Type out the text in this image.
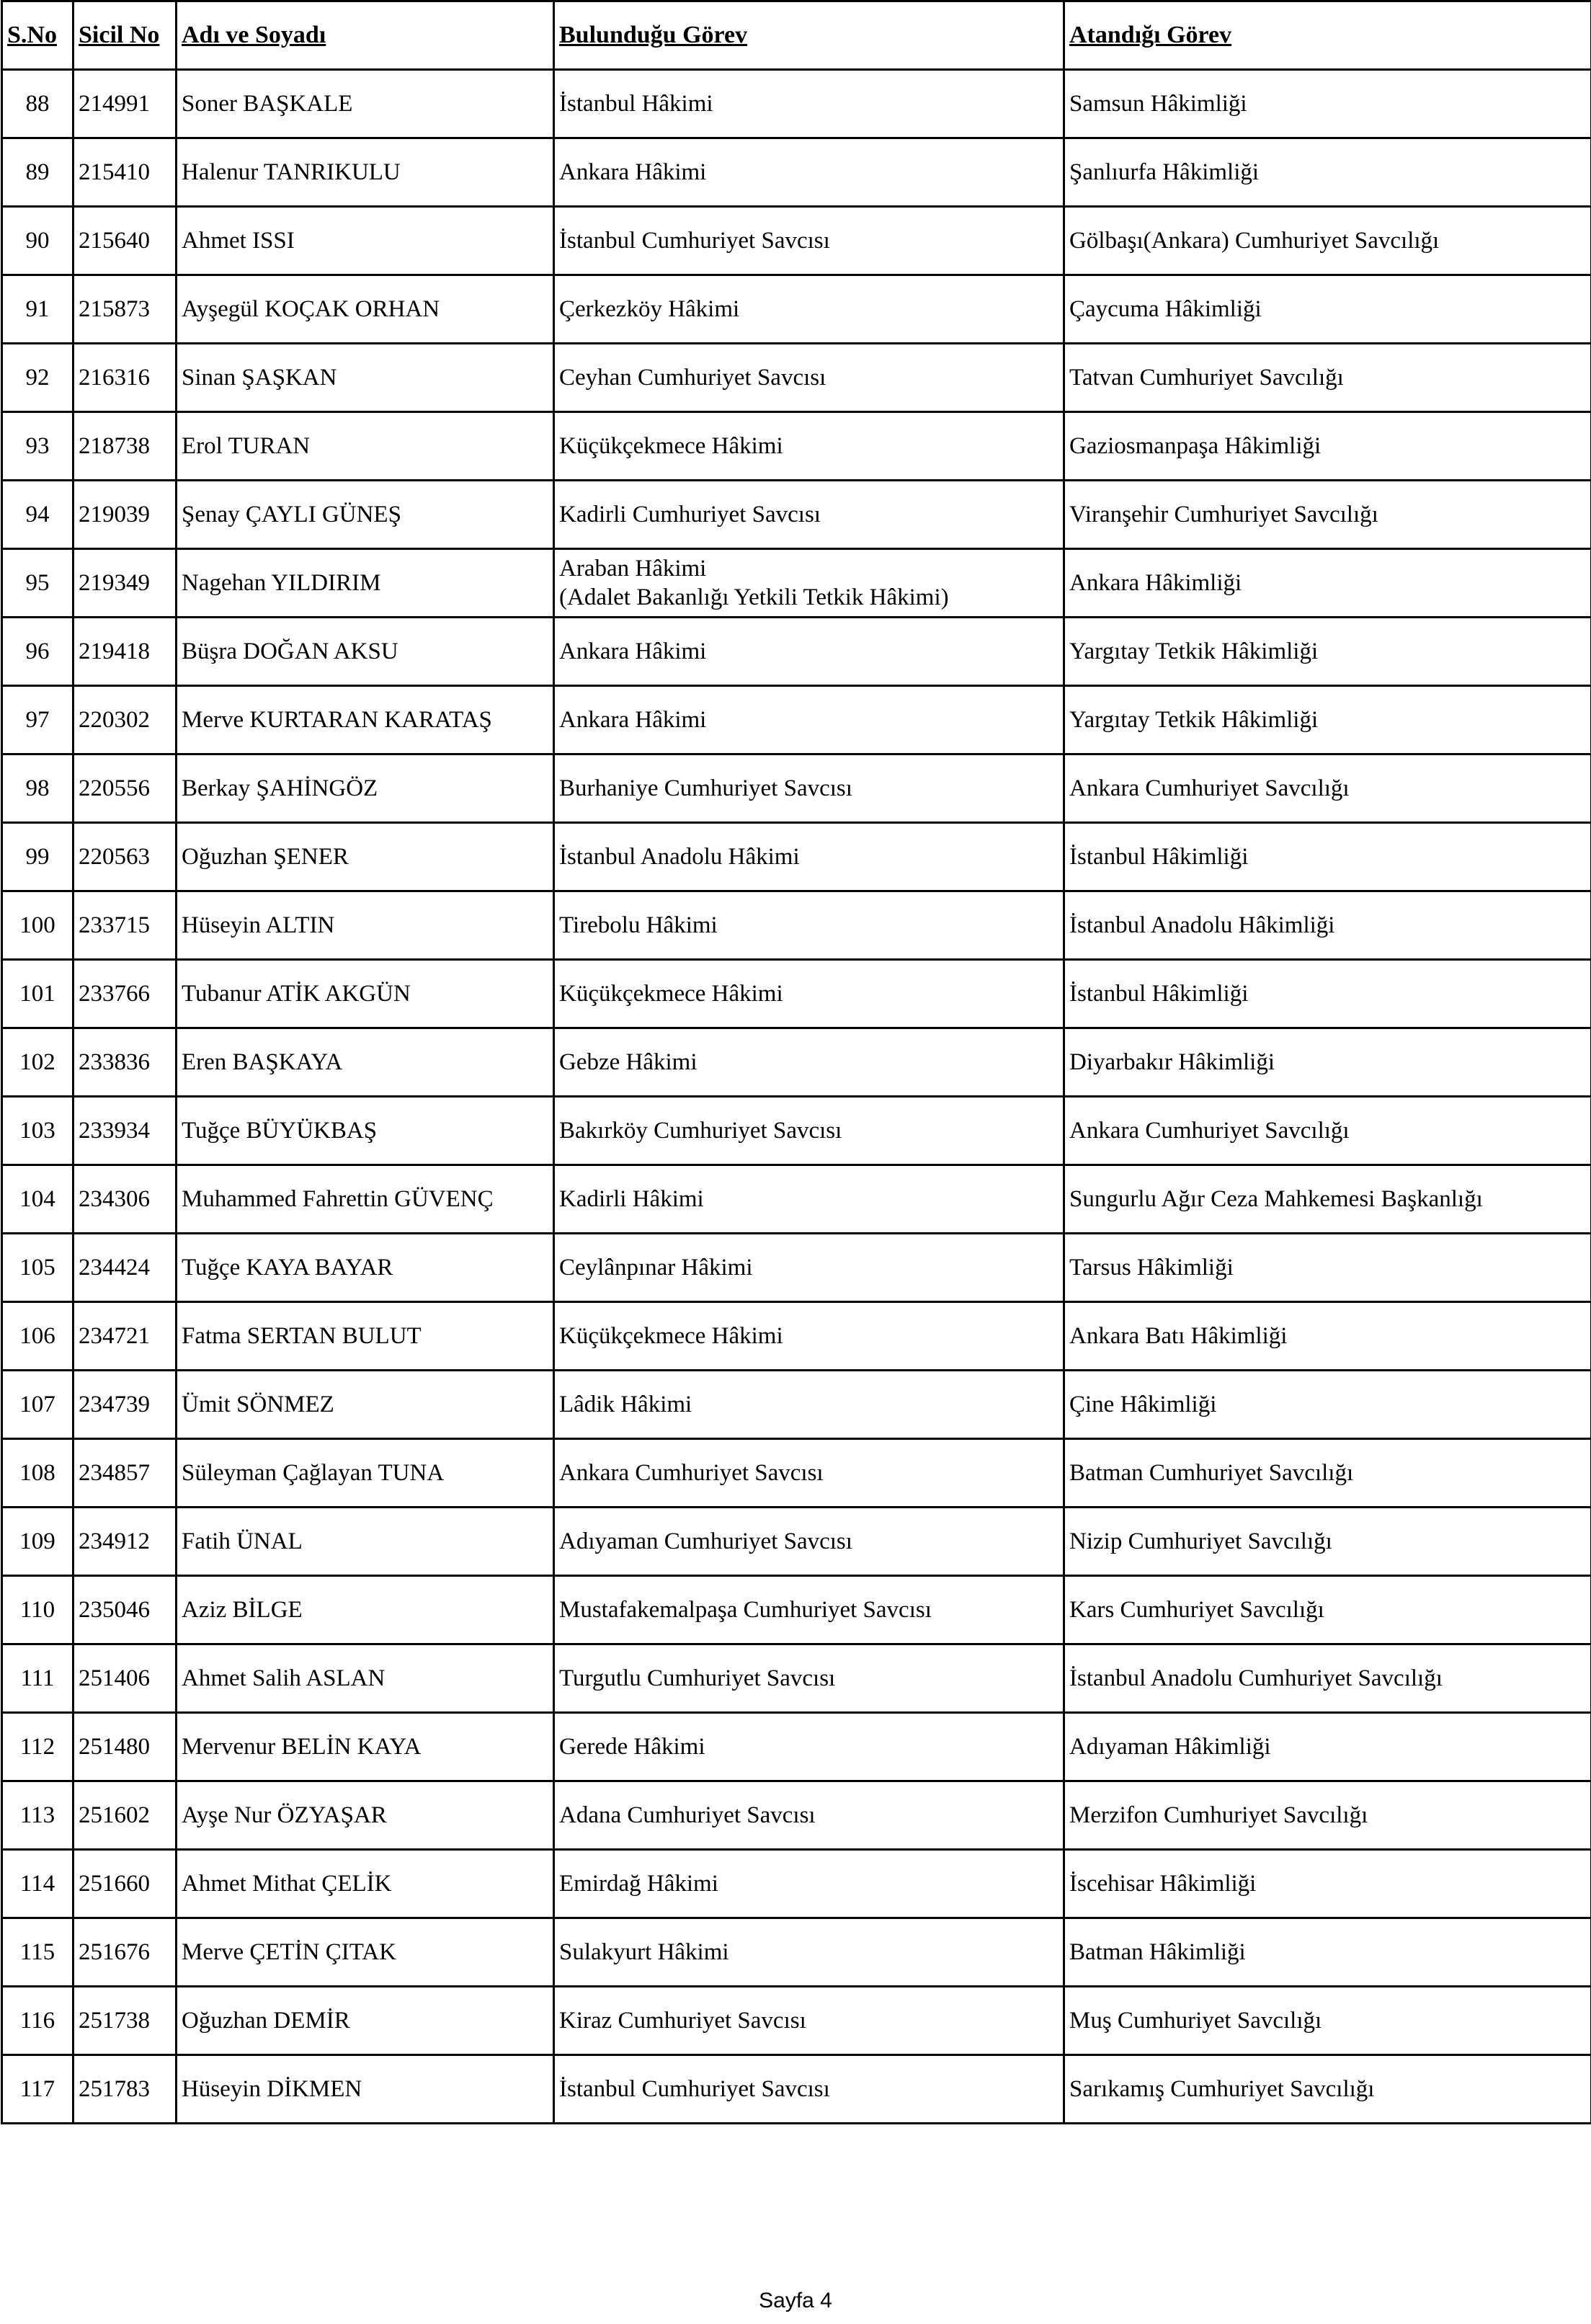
S.No	Sicil No	Adı ve Soyadı	Bulunduğu Görev	Atandığı Görev
88	214991	Soner BAŞKALE	İstanbul Hâkimi	Samsun Hâkimliği
89	215410	Halenur TANRIKULU	Ankara Hâkimi	Şanlıurfa Hâkimliği
90	215640	Ahmet ISSI	İstanbul Cumhuriyet Savcısı	Gölbaşı(Ankara) Cumhuriyet Savcılığı
91	215873	Ayşegül KOÇAK ORHAN	Çerkezköy Hâkimi	Çaycuma Hâkimliği
92	216316	Sinan ŞAŞKAN	Ceyhan Cumhuriyet Savcısı	Tatvan Cumhuriyet Savcılığı
93	218738	Erol TURAN	Küçükçekmece Hâkimi	Gaziosmanpaşa Hâkimliği
94	219039	Şenay ÇAYLI GÜNEŞ	Kadirli Cumhuriyet Savcısı	Viranşehir Cumhuriyet Savcılığı
95	219349	Nagehan YILDIRIM	Araban Hâkimi
(Adalet Bakanlığı Yetkili Tetkik Hâkimi)	Ankara Hâkimliği
96	219418	Büşra DOĞAN AKSU	Ankara Hâkimi	Yargıtay Tetkik Hâkimliği
97	220302	Merve KURTARAN KARATAŞ	Ankara Hâkimi	Yargıtay Tetkik Hâkimliği
98	220556	Berkay ŞAHİNGÖZ	Burhaniye Cumhuriyet Savcısı	Ankara Cumhuriyet Savcılığı
99	220563	Oğuzhan ŞENER	İstanbul Anadolu Hâkimi	İstanbul Hâkimliği
100	233715	Hüseyin ALTIN	Tirebolu Hâkimi	İstanbul Anadolu Hâkimliği
101	233766	Tubanur ATİK AKGÜN	Küçükçekmece Hâkimi	İstanbul Hâkimliği
102	233836	Eren BAŞKAYA	Gebze Hâkimi	Diyarbakır Hâkimliği
103	233934	Tuğçe BÜYÜKBAŞ	Bakırköy Cumhuriyet Savcısı	Ankara Cumhuriyet Savcılığı
104	234306	Muhammed Fahrettin GÜVENÇ	Kadirli Hâkimi	Sungurlu Ağır Ceza Mahkemesi Başkanlığı
105	234424	Tuğçe KAYA BAYAR	Ceylânpınar Hâkimi	Tarsus Hâkimliği
106	234721	Fatma SERTAN BULUT	Küçükçekmece Hâkimi	Ankara Batı Hâkimliği
107	234739	Ümit SÖNMEZ	Lâdik Hâkimi	Çine Hâkimliği
108	234857	Süleyman Çağlayan TUNA	Ankara Cumhuriyet Savcısı	Batman Cumhuriyet Savcılığı
109	234912	Fatih ÜNAL	Adıyaman Cumhuriyet Savcısı	Nizip Cumhuriyet Savcılığı
110	235046	Aziz BİLGE	Mustafakemalpaşa Cumhuriyet Savcısı	Kars Cumhuriyet Savcılığı
111	251406	Ahmet Salih ASLAN	Turgutlu Cumhuriyet Savcısı	İstanbul Anadolu Cumhuriyet Savcılığı
112	251480	Mervenur BELİN KAYA	Gerede Hâkimi	Adıyaman Hâkimliği
113	251602	Ayşe Nur ÖZYAŞAR	Adana Cumhuriyet Savcısı	Merzifon Cumhuriyet Savcılığı
114	251660	Ahmet Mithat ÇELİK	Emirdağ Hâkimi	İscehisar Hâkimliği
115	251676	Merve ÇETİN ÇITAK	Sulakyurt Hâkimi	Batman Hâkimliği
116	251738	Oğuzhan DEMİR	Kiraz Cumhuriyet Savcısı	Muş Cumhuriyet Savcılığı
117	251783	Hüseyin DİKMEN	İstanbul Cumhuriyet Savcısı	Sarıkamış Cumhuriyet Savcılığı
Sayfa 4
